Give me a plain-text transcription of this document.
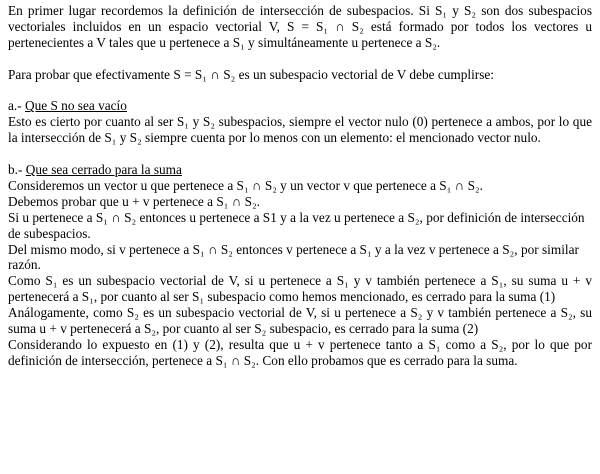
En primer lugar recordemos la definición de intersección de subespacios. Si S₁ y S₂ son dos subespacios vectoriales incluidos en un espacio vectorial V, S = S₁ ∩ S₂ está formado por todos los vectores u pertenecientes a V tales que u pertenece a S₁ y simultáneamente u pertenece a S₂.

Para probar que efectivamente S = S₁ ∩ S₂ es un subespacio vectorial de V debe cumplirse:

a.- Que S no sea vacío

Esto es cierto por cuanto al ser S₁ y S₂ subespacios, siempre el vector nulo (0) pertenece a ambos, por lo que la intersección de S₁ y S₂ siempre cuenta por lo menos con un elemento: el mencionado vector nulo.

b.- Que sea cerrado para la suma

Consideremos un vector u que pertenece a S₁ ∩ S₂ y un vector v que pertenece a S₁ ∩ S₂.

Debemos probar que u + v pertenece a S₁ ∩ S₂.

Si u pertenece a S₁ ∩ S₂ entonces u pertenece a S1 y a la vez u pertenece a S₂, por definición de intersección de subespacios.

Del mismo modo, si v pertenece a S₁ ∩ S₂ entonces v pertenece a S₁ y a la vez v pertenece a S₂, por similar razón.

Como S₁ es un subespacio vectorial de V, si u pertenece a S₁ y v también pertenece a S₁, su suma u + v pertenecerá a S₁, por cuanto al ser S₁ subespacio como hemos mencionado, es cerrado para la suma (1)

Análogamente, como S₂ es un subespacio vectorial de V, si u pertenece a S₂ y v también pertenece a S₂, su suma u + v pertenecerá a S₂, por cuanto al ser S₂ subespacio, es cerrado para la suma (2)

Considerando lo expuesto en (1) y (2), resulta que u + v pertenece tanto a S₁ como a S₂, por lo que por definición de intersección, pertenece a S₁ ∩ S₂. Con ello probamos que es cerrado para la suma.
